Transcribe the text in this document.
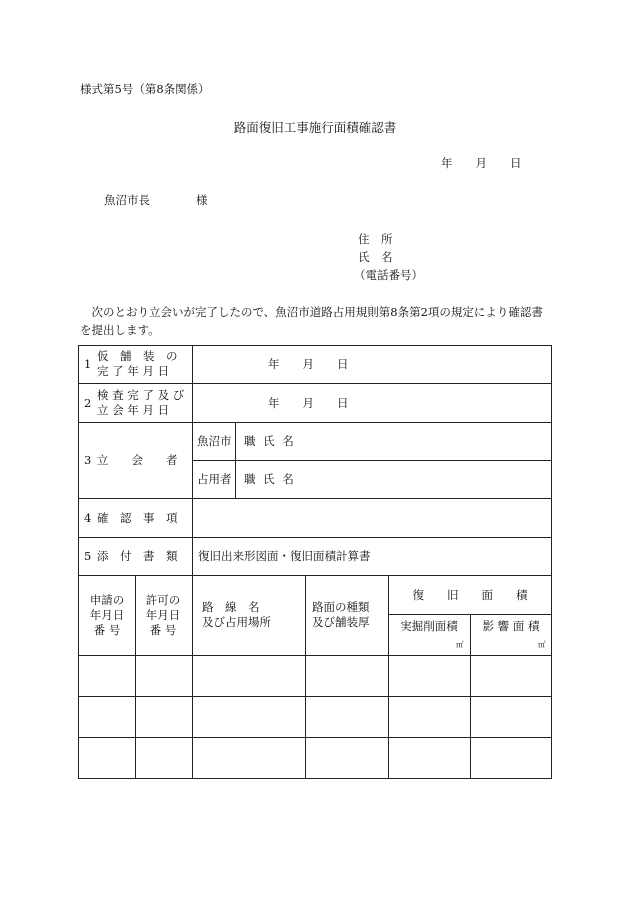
様式第5号（第8条関係）
路面復旧工事施行面積確認書
年　　月　　日
魚沼市長　　　　様
住　所
氏　名
（電話番号）
　次のとおり立会いが完了したので、魚沼市道路占用規則第8条第2項の規定により確認書
を提出します。
1
仮　舗　装　の
完 了 年 月 日	年　　月　　日
2
検 査 完 了 及 び
立 会 年 月 日	年　　月　　日
3 立　　会　　者
魚沼市 職 氏 名
占用者 職 氏 名
4 確　認　事　項
5 添　付　書　類 復旧出来形図面・復旧面積計算書
申請の
年月日
番 号
許可の
年月日
番 号
路　線　名
及び占用場所
路面の種類
及び舗装厚
復　　旧　　面　　積
実掘削面積
㎡
影 響 面 積
㎡
